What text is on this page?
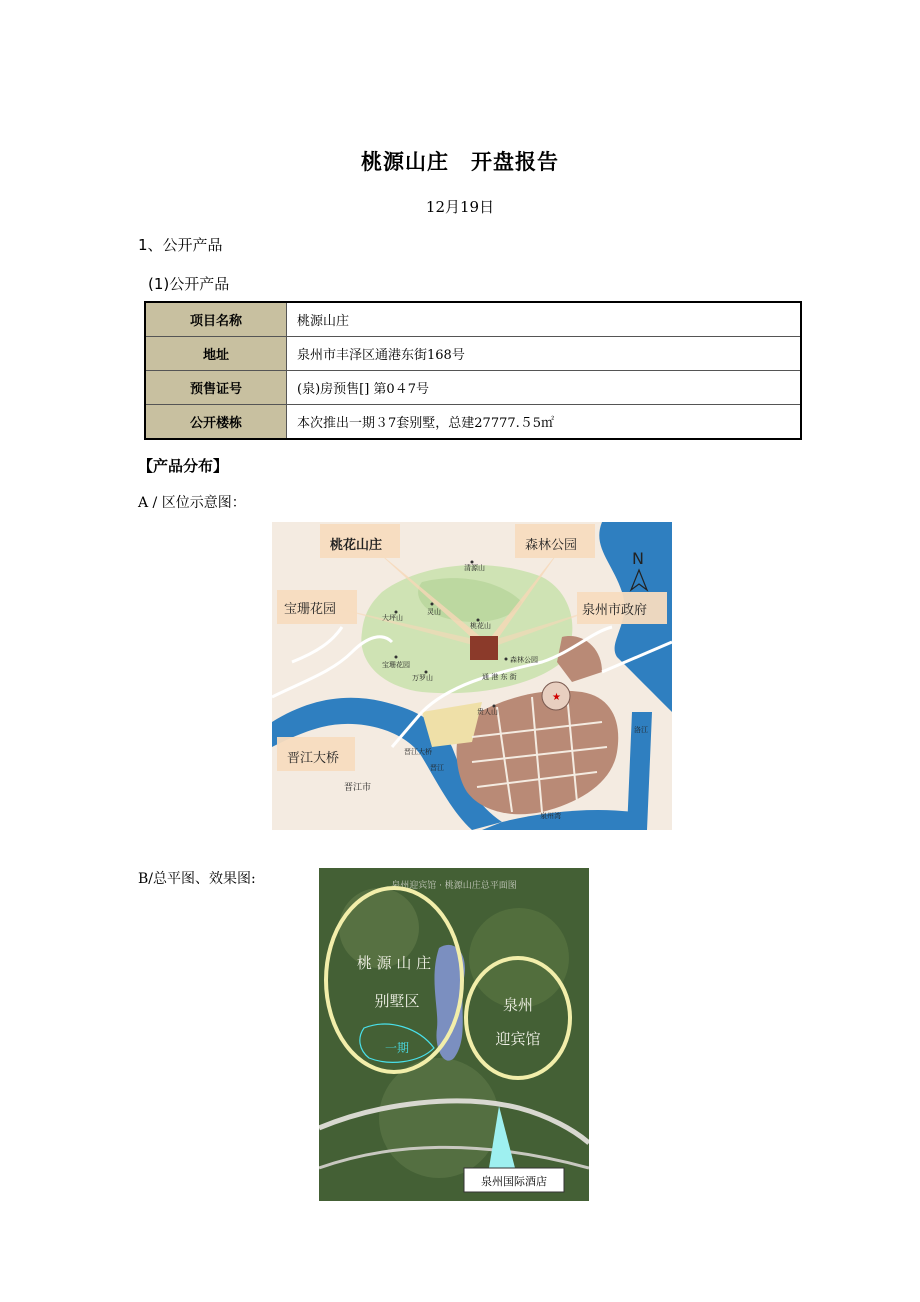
桃源山庄　开盘报告
12月19日
1、公开产品
(1)公开产品
项目名称	桃源山庄
地址	泉州市丰泽区通港东街168号
预售证号	(泉)房预售[] 第0４7号
公开楼栋	本次推出一期３7套别墅，总建27777.５5㎡
【产品分布】
A / 区位示意图：
★
桃花山庄	森林公园
宝珊花园	泉州市政府
晋江大桥
N
清源山
灵山
大坪山
桃花山
宝珊花园
万罗山
森林公园
通 港 东 街
贵人山
晋江大桥
晋江
泉州湾
洛江
晋江市
B/总平图、效果图:	泉州迎宾馆 · 桃源山庄总平面图
桃 源 山 庄
别墅区
一期
泉州
迎宾馆
泉州国际酒店
